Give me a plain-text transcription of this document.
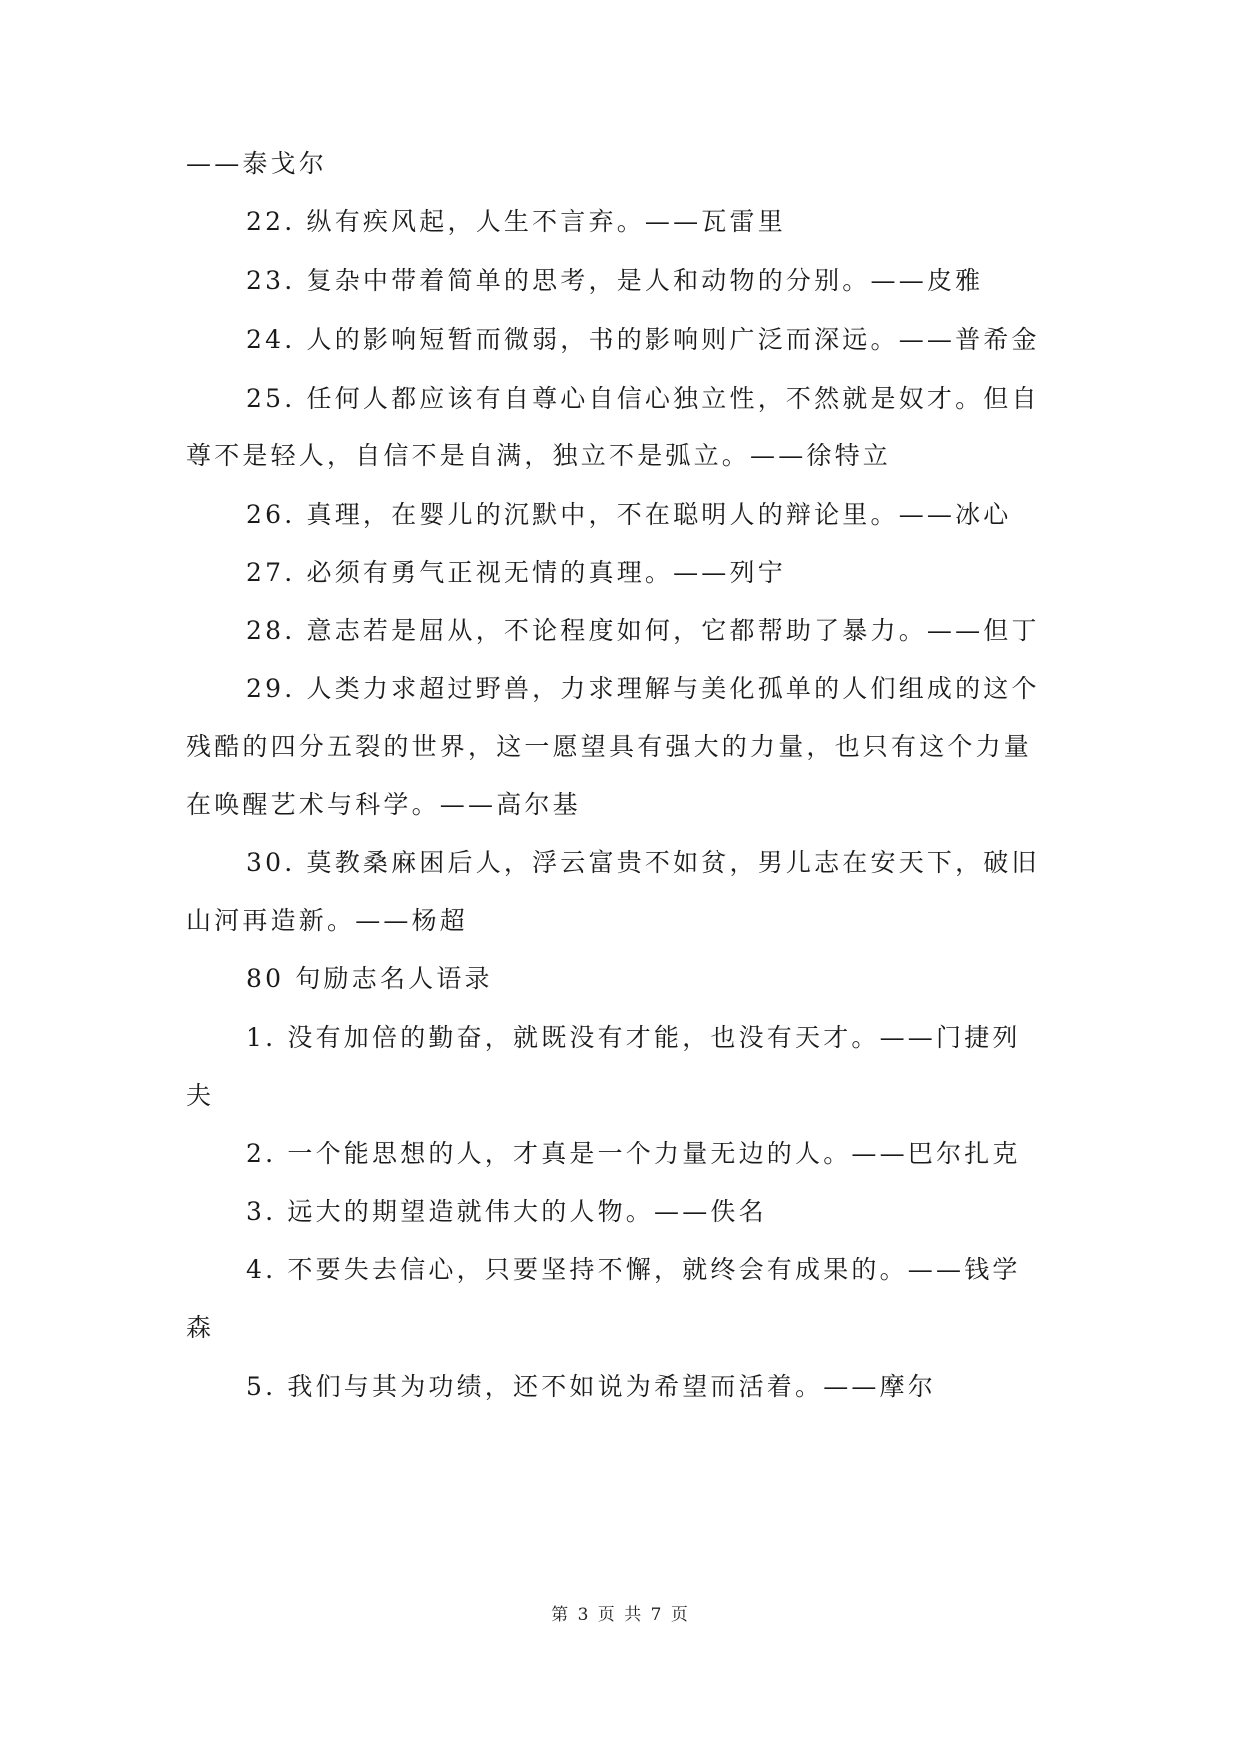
——泰戈尔
22. 纵有疾风起，人生不言弃。——瓦雷里
23. 复杂中带着简单的思考，是人和动物的分别。——皮雅
24. 人的影响短暂而微弱，书的影响则广泛而深远。——普希金
25. 任何人都应该有自尊心自信心独立性，不然就是奴才。但自
尊不是轻人，自信不是自满，独立不是弧立。——徐特立
26. 真理，在婴儿的沉默中，不在聪明人的辩论里。——冰心
27. 必须有勇气正视无情的真理。——列宁
28. 意志若是屈从，不论程度如何，它都帮助了暴力。——但丁
29. 人类力求超过野兽，力求理解与美化孤单的人们组成的这个
残酷的四分五裂的世界，这一愿望具有强大的力量，也只有这个力量
在唤醒艺术与科学。——高尔基
30. 莫教桑麻困后人，浮云富贵不如贫，男儿志在安天下，破旧
山河再造新。——杨超
80 句励志名人语录
1. 没有加倍的勤奋，就既没有才能，也没有天才。——门捷列
夫
2. 一个能思想的人，才真是一个力量无边的人。——巴尔扎克
3. 远大的期望造就伟大的人物。——佚名
4. 不要失去信心，只要坚持不懈，就终会有成果的。——钱学
森
5. 我们与其为功绩，还不如说为希望而活着。——摩尔
第 3 页 共 7 页
